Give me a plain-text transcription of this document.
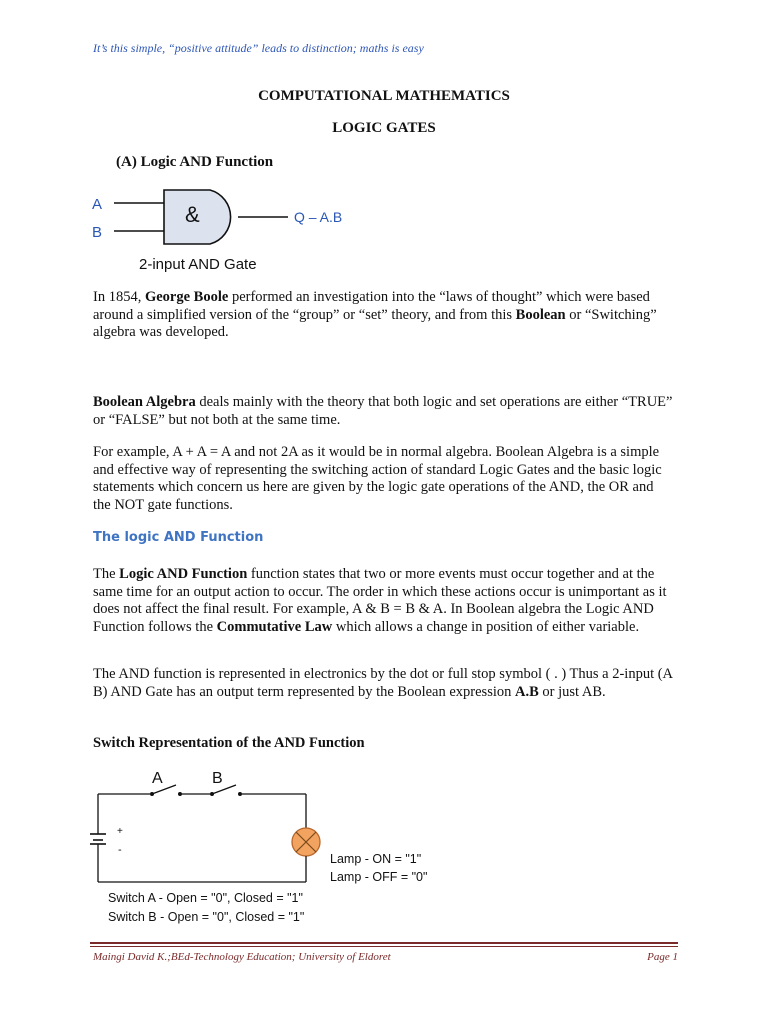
It’s this simple, “positive attitude” leads to distinction; maths is easy
COMPUTATIONAL MATHEMATICS
LOGIC GATES
(A) Logic AND Function
A
B
&	Q – A.B
2-input AND Gate
In 1854, George Boole performed an investigation into the “laws of thought” which were based around a simplified version of the “group” or “set” theory, and from this Boolean or “Switching” algebra was developed.
Boolean Algebra deals mainly with the theory that both logic and set operations are either “TRUE” or “FALSE” but not both at the same time.
For example, A + A = A and not 2A as it would be in normal algebra. Boolean Algebra is a simple and effective way of representing the switching action of standard Logic Gates and the basic logic statements which concern us here are given by the logic gate operations of the AND, the OR and the NOT gate functions.
The logic AND Function
The Logic AND Function function states that two or more events must occur together and at the same time for an output action to occur. The order in which these actions occur is unimportant as it does not affect the final result. For example, A & B = B & A. In Boolean algebra the Logic AND Function follows the Commutative Law which allows a change in position of either variable.
The AND function is represented in electronics by the dot or full stop symbol ( . ) Thus a 2-input (A B) AND Gate has an output term represented by the Boolean expression A.B or just AB.
Switch Representation of the AND Function
A	B
+
-
Lamp - ON = "1"
Lamp - OFF = "0"
Switch A - Open = "0", Closed = "1"
Switch B - Open = "0", Closed = "1"
Maingi David K.;BEd-Technology Education; University of Eldoret	Page 1
